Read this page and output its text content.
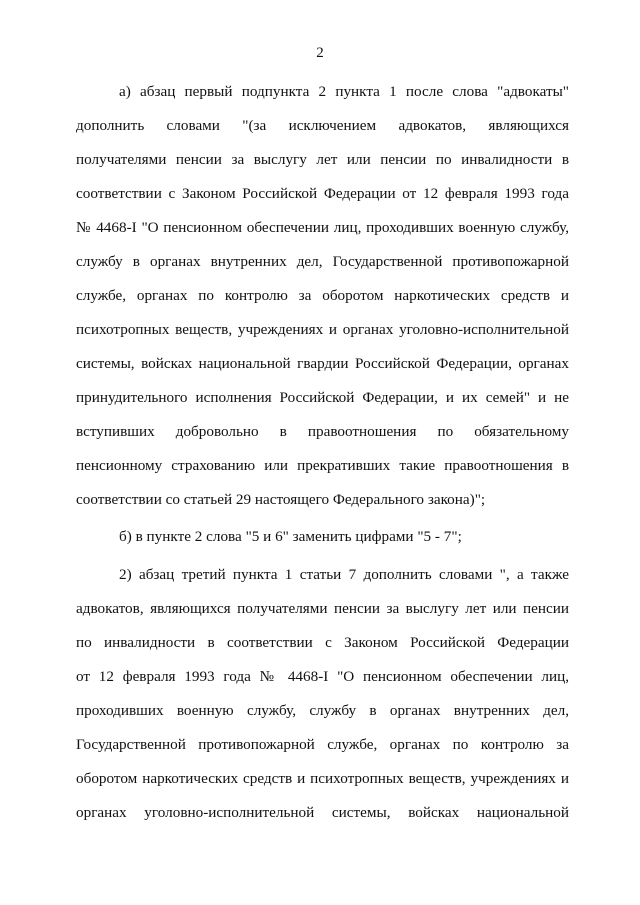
2
а) абзац первый подпункта 2 пункта 1 после слова "адвокаты"
дополнить словами "(за исключением адвокатов, являющихся
получателями пенсии за выслугу лет или пенсии по инвалидности в
соответствии с Законом Российской Федерации от 12 февраля 1993 года
№ 4468-I "О пенсионном обеспечении лиц, проходивших военную службу,
службу в органах внутренних дел, Государственной противопожарной
службе, органах по контролю за оборотом наркотических средств и
психотропных веществ, учреждениях и органах уголовно-исполнительной
системы, войсках национальной гвардии Российской Федерации, органах
принудительного исполнения Российской Федерации, и их семей" и не
вступивших добровольно в правоотношения по обязательному
пенсионному страхованию или прекративших такие правоотношения в
соответствии со статьей 29 настоящего Федерального закона)";
б) в пункте 2 слова "5 и 6" заменить цифрами "5 - 7";
2) абзац третий пункта 1 статьи 7 дополнить словами ", а также
адвокатов, являющихся получателями пенсии за выслугу лет или пенсии
по инвалидности в соответствии с Законом Российской Федерации
от 12 февраля 1993 года № 4468-I "О пенсионном обеспечении лиц,
проходивших военную службу, службу в органах внутренних дел,
Государственной противопожарной службе, органах по контролю за
оборотом наркотических средств и психотропных веществ, учреждениях и
органах уголовно-исполнительной системы, войсках национальной
